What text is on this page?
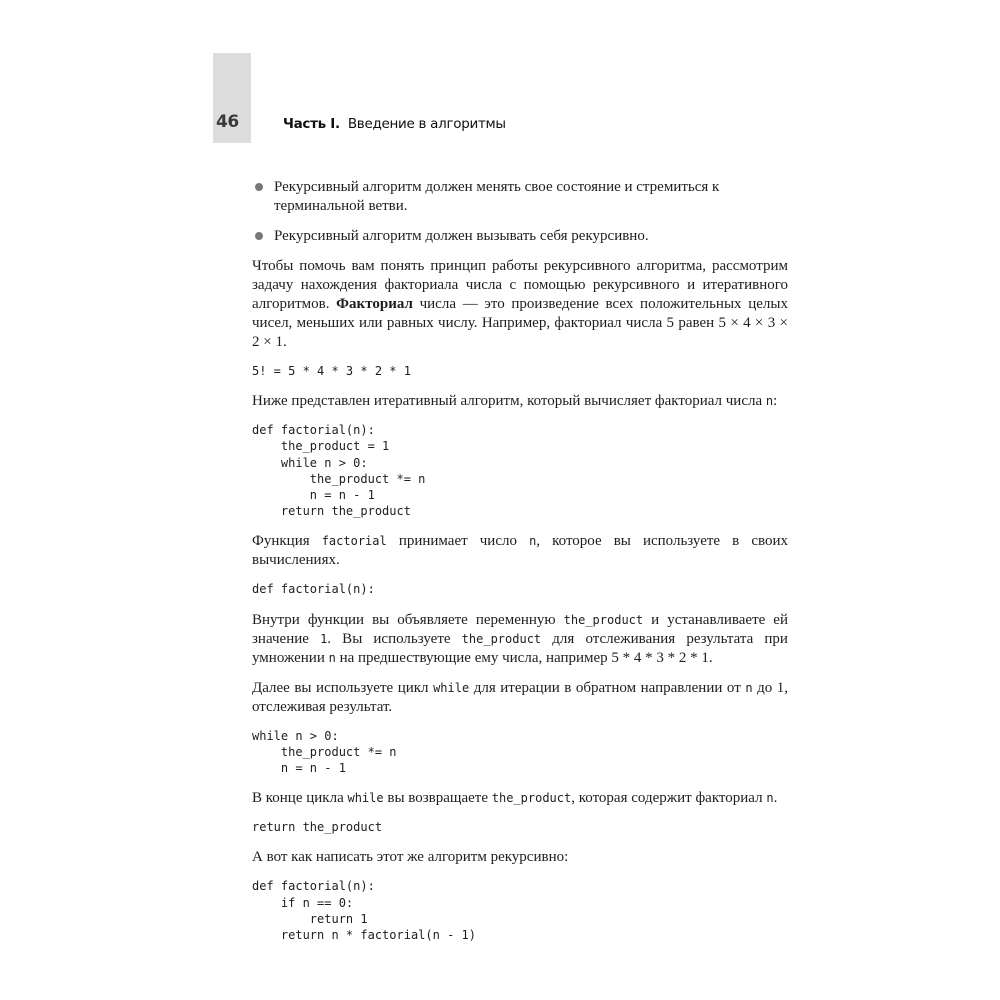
46	Часть I. Введение в алгоритмы
Рекурсивный алгоритм должен менять свое состояние и стремиться к терминальной ветви.
Рекурсивный алгоритм должен вызывать себя рекурсивно.

Чтобы помочь вам понять принцип работы рекурсивного алгоритма, рассмотрим задачу нахождения факториала числа с помощью рекурсивного и итеративного алгоритмов. Факториал числа — это произведение всех положительных целых чисел, меньших или равных числу. Например, факториал числа 5 равен 5 × 4 × 3 × 2 × 1.

5! = 5 * 4 * 3 * 2 * 1

Ниже представлен итеративный алгоритм, который вычисляет факториал числа n:

def factorial(n):
the_product = 1
while n > 0:
the_product *= n
n = n - 1
return the_product

Функция factorial принимает число n, которое вы используете в своих вычислениях.

def factorial(n):

Внутри функции вы объявляете переменную the_product и устанавливаете ей значение 1. Вы используете the_product для отслеживания результата при умножении n на предшествующие ему числа, например 5 * 4 * 3 * 2 * 1.

Далее вы используете цикл while для итерации в обратном направлении от n до 1, отслеживая результат.

while n > 0:
the_product *= n
n = n - 1

В конце цикла while вы возвращаете the_product, которая содержит факториал n.

return the_product

А вот как написать этот же алгоритм рекурсивно:

def factorial(n):
if n == 0:
return 1
return n * factorial(n - 1)
